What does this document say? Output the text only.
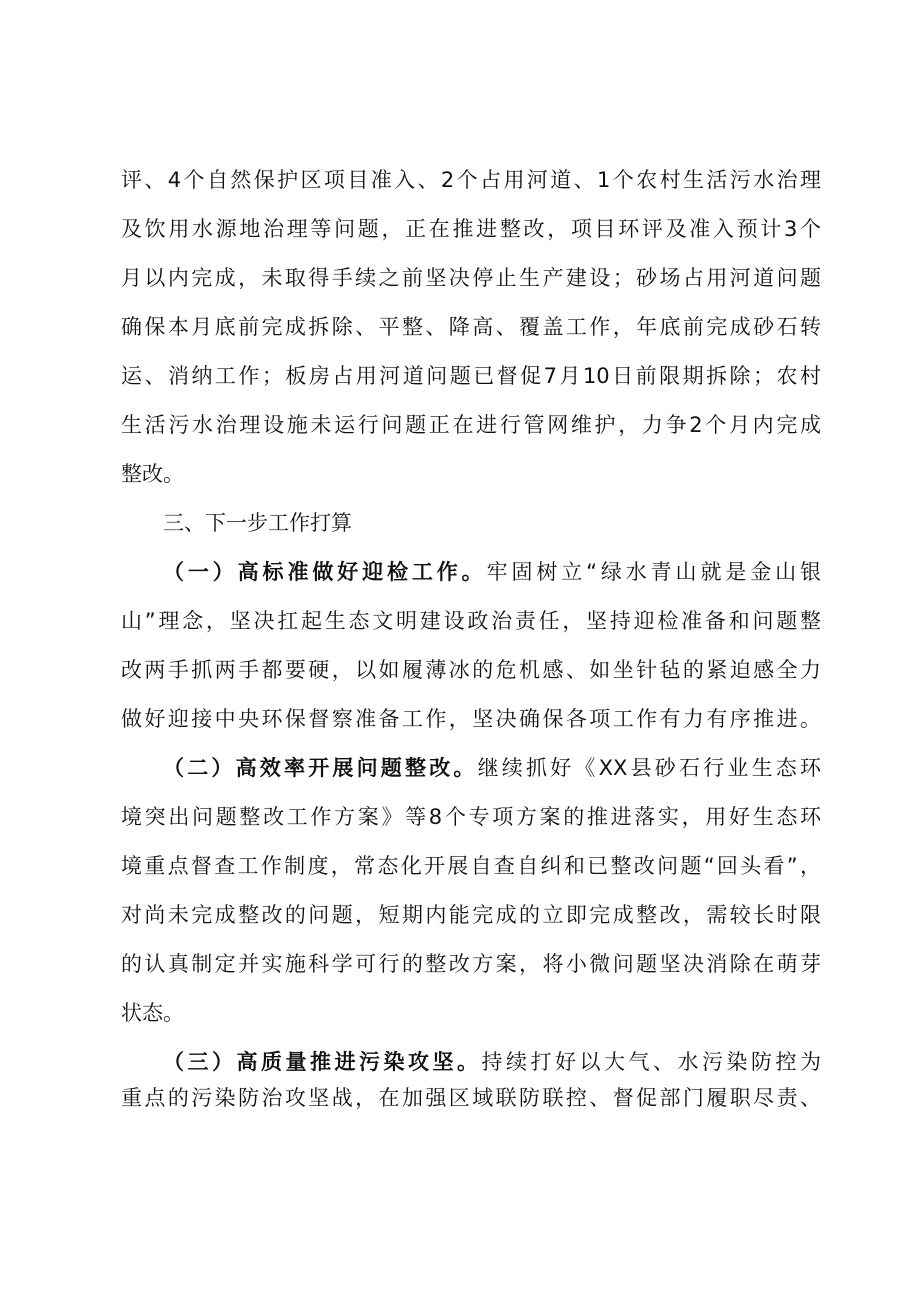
评、4个自然保护区项目准入、2个占用河道、1个农村生活污水治理
及饮用水源地治理等问题，正在推进整改，项目环评及准入预计3个
月以内完成，未取得手续之前坚决停止生产建设；砂场占用河道问题
确保本月底前完成拆除、平整、降高、覆盖工作，年底前完成砂石转
运、消纳工作；板房占用河道问题已督促7月10日前限期拆除；农村
生活污水治理设施未运行问题正在进行管网维护，力争2个月内完成
整改。
三、下一步工作打算
（一）高标准做好迎检工作。牢固树立“绿水青山就是金山银
山”理念，坚决扛起生态文明建设政治责任，坚持迎检准备和问题整
改两手抓两手都要硬，以如履薄冰的危机感、如坐针毡的紧迫感全力
做好迎接中央环保督察准备工作，坚决确保各项工作有力有序推进。
（二）高效率开展问题整改。继续抓好《XX县砂石行业生态环
境突出问题整改工作方案》等8个专项方案的推进落实，用好生态环
境重点督查工作制度，常态化开展自查自纠和已整改问题“回头看”，
对尚未完成整改的问题，短期内能完成的立即完成整改，需较长时限
的认真制定并实施科学可行的整改方案，将小微问题坚决消除在萌芽
状态。
（三）高质量推进污染攻坚。持续打好以大气、水污染防控为
重点的污染防治攻坚战，在加强区域联防联控、督促部门履职尽责、
